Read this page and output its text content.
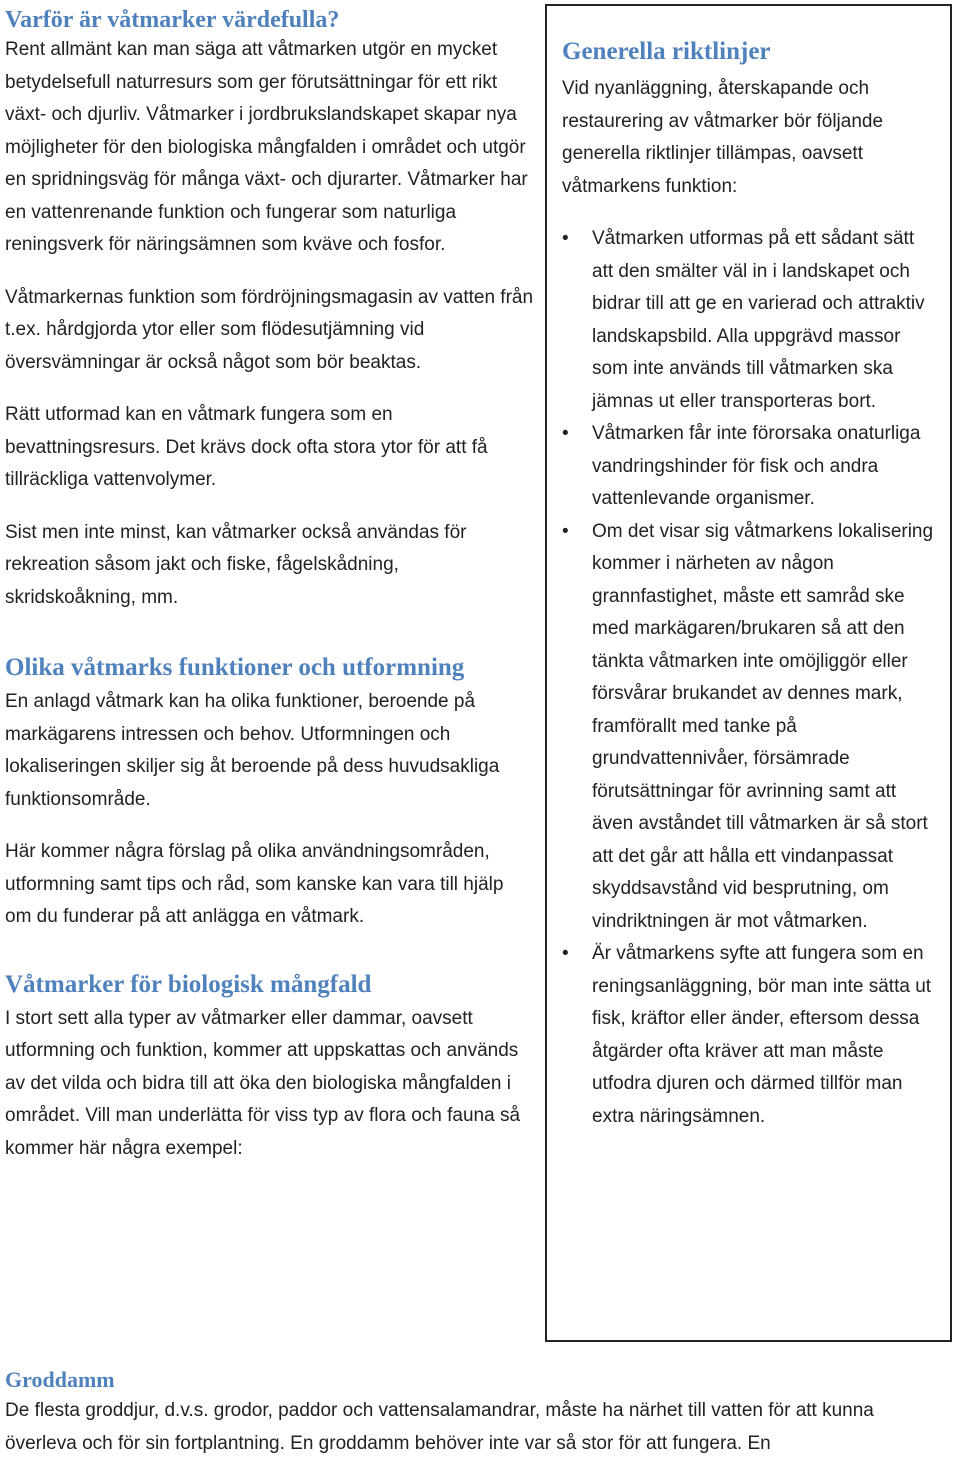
Varför är våtmarker värdefulla?

Rent allmänt kan man säga att våtmarken utgör en mycket betydelsefull naturresurs som ger förutsättningar för ett rikt växt- och djurliv. Våtmarker i jordbrukslandskapet skapar nya möjligheter för den biologiska mångfalden i området och utgör en spridningsväg för många växt- och djurarter. Våtmarker har en vattenrenande funktion och fungerar som naturliga reningsverk för näringsämnen som kväve och fosfor.

Våtmarkernas funktion som fördröjningsmagasin av vatten från t.ex. hårdgjorda ytor eller som flödesutjämning vid översvämningar är också något som bör beaktas.

Rätt utformad kan en våtmark fungera som en bevattningsresurs. Det krävs dock ofta stora ytor för att få tillräckliga vattenvolymer.

Sist men inte minst, kan våtmarker också användas för rekreation såsom jakt och fiske, fågelskådning, skridskoåkning, mm.

Olika våtmarks funktioner och utformning

En anlagd våtmark kan ha olika funktioner, beroende på markägarens intressen och behov. Utformningen och lokaliseringen skiljer sig åt beroende på dess huvudsakliga funktionsområde.

Här kommer några förslag på olika användningsområden, utformning samt tips och råd, som kanske kan vara till hjälp om du funderar på att anlägga en våtmark.

Våtmarker för biologisk mångfald

I stort sett alla typer av våtmarker eller dammar, oavsett utformning och funktion, kommer att uppskattas och används av det vilda och bidra till att öka den biologiska mångfalden i området. Vill man underlätta för viss typ av flora och fauna så kommer här några exempel:

Generella riktlinjer

Vid nyanläggning, återskapande och restaurering av våtmarker bör följande generella riktlinjer tillämpas, oavsett våtmarkens funktion:

• Våtmarken utformas på ett sådant sätt att den smälter väl in i landskapet och bidrar till att ge en varierad och attraktiv landskapsbild. Alla uppgrävd massor som inte används till våtmarken ska jämnas ut eller transporteras bort.
• Våtmarken får inte förorsaka onaturliga vandringshinder för fisk och andra vattenlevande organismer.
• Om det visar sig våtmarkens lokalisering kommer i närheten av någon grannfastighet, måste ett samråd ske med markägaren/brukaren så att den tänkta våtmarken inte omöjliggör eller försvårar brukandet av dennes mark, framförallt med tanke på grundvattennivåer, försämrade förutsättningar för avrinning samt att även avståndet till våtmarken är så stort att det går att hålla ett vindanpassat skyddsavstånd vid besprutning, om vindriktningen är mot våtmarken.
• Är våtmarkens syfte att fungera som en reningsanläggning, bör man inte sätta ut fisk, kräftor eller änder, eftersom dessa åtgärder ofta kräver att man måste utfodra djuren och därmed tillför man extra näringsämnen.
Groddamm

De flesta groddjur, d.v.s. grodor, paddor och vattensalamandrar, måste ha närhet till vatten för att kunna överleva och för sin fortplantning. En groddamm behöver inte var så stor för att fungera. En
